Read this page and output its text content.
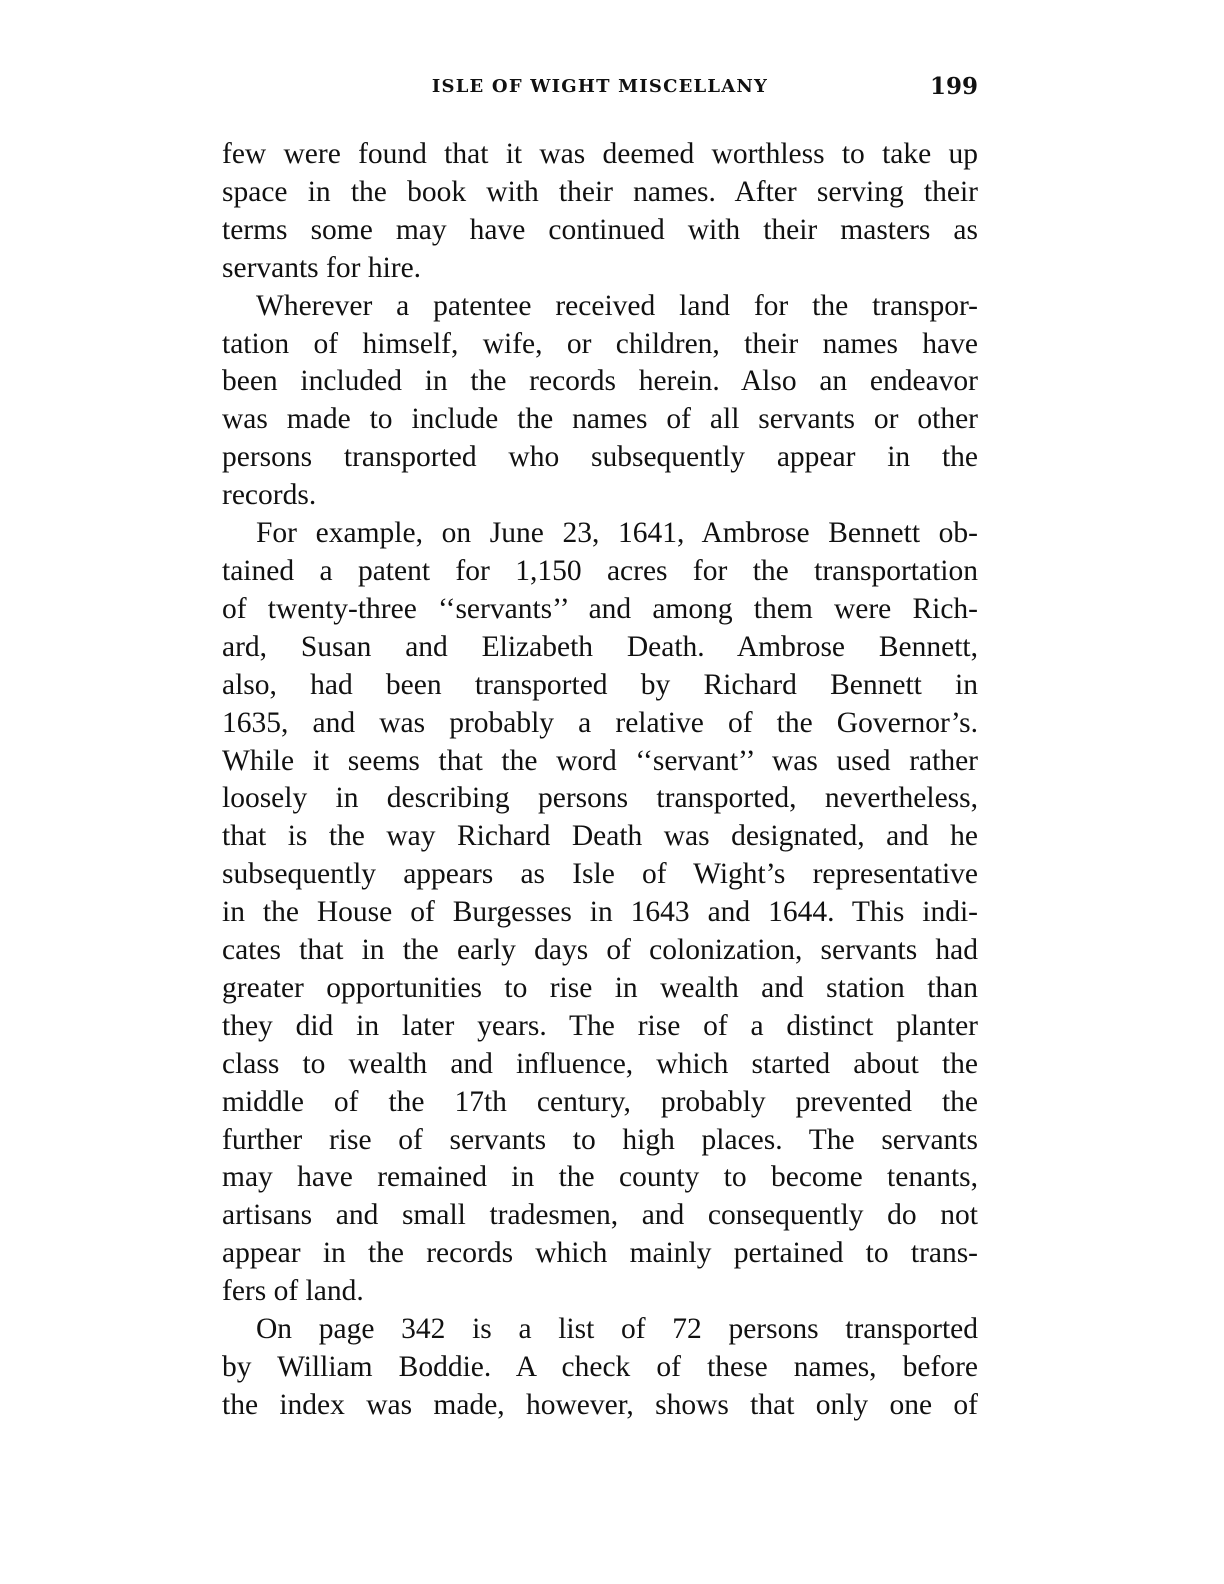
ISLE OF WIGHT MISCELLANY	199

few were found that it was deemed worthless to take up
space in the book with their names. After serving their
terms some may have continued with their masters as
servants for hire.

Wherever a patentee received land for the transpor-
tation of himself, wife, or children, their names have
been included in the records herein. Also an endeavor
was made to include the names of all servants or other
persons transported who subsequently appear in the
records.

For example, on June 23, 1641, Ambrose Bennett ob-
tained a patent for 1,150 acres for the transportation
of twenty-three ‘‘servants’’ and among them were Rich-
ard, Susan and Elizabeth Death. Ambrose Bennett,
also, had been transported by Richard Bennett in
1635, and was probably a relative of the Governor’s.
While it seems that the word ‘‘servant’’ was used rather
loosely in describing persons transported, nevertheless,
that is the way Richard Death was designated, and he
subsequently appears as Isle of Wight’s representative
in the House of Burgesses in 1643 and 1644. This indi-
cates that in the early days of colonization, servants had
greater opportunities to rise in wealth and station than
they did in later years. The rise of a distinct planter
class to wealth and influence, which started about the
middle of the 17th century, probably prevented the
further rise of servants to high places. The servants
may have remained in the county to become tenants,
artisans and small tradesmen, and consequently do not
appear in the records which mainly pertained to trans-
fers of land.

On page 342 is a list of 72 persons transported
by William Boddie. A check of these names, before
the index was made, however, shows that only one of
